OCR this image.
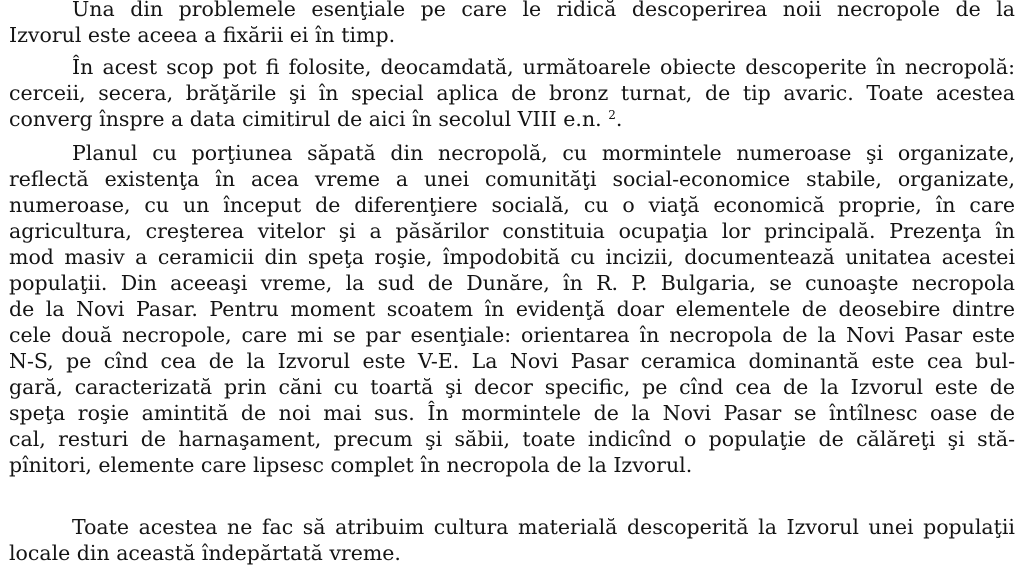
Una din problemele esenţiale pe care le ridică descoperirea noii necropole de la
Izvorul este aceea a fixării ei în timp.
În acest scop pot fi folosite, deocamdată, următoarele obiecte descoperite în necropolă:
cerceii, secera, brăţările şi în special aplica de bronz turnat, de tip avaric. Toate acestea
converg înspre a data cimitirul de aici în secolul VIII e.n. $^2$.
Planul cu porţiunea săpată din necropolă, cu mormintele numeroase şi organizate,
reflectă existenţa în acea vreme a unei comunităţi social-economice stabile, organizate,
numeroase, cu un început de diferenţiere socială, cu o viaţă economică proprie, în care
agricultura, creşterea vitelor şi a păsărilor constituia ocupaţia lor principală. Prezenţa în
mod masiv a ceramicii din speţa roşie, împodobită cu incizii, documentează unitatea acestei
populaţii. Din aceeaşi vreme, la sud de Dunăre, în R. P. Bulgaria, se cunoaşte necropola
de la Novi Pasar. Pentru moment scoatem în evidenţă doar elementele de deosebire dintre
cele două necropole, care mi se par esenţiale: orientarea în necropola de la Novi Pasar este
N-S, pe cînd cea de la Izvorul este V-E. La Novi Pasar ceramica dominantă este cea bul-
gară, caracterizată prin căni cu toartă şi decor specific, pe cînd cea de la Izvorul este de
speţa roşie amintită de noi mai sus. În mormintele de la Novi Pasar se întîlnesc oase de
cal, resturi de harnaşament, precum şi săbii, toate indicînd o populaţie de călăreţi şi stă-
pînitori, elemente care lipsesc complet în necropola de la Izvorul.
Toate acestea ne fac să atribuim cultura materială descoperită la Izvorul unei populaţii
locale din această îndepărtată vreme.
